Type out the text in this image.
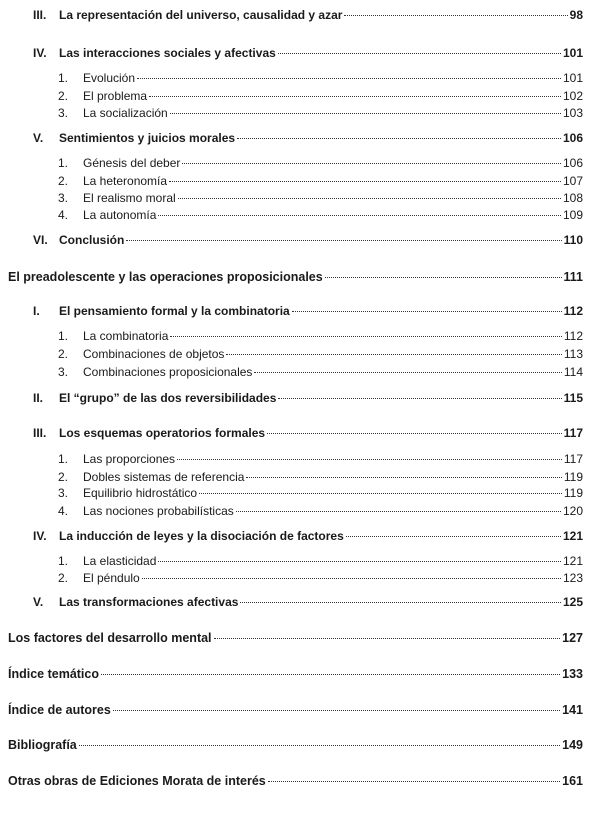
III.	La representación del universo, causalidad y azar	98
IV.	Las interacciones sociales y afectivas	101
1.	Evolución	101
2.	El problema	102
3.	La socialización	103
V.	Sentimientos y juicios morales	106
1.	Génesis del deber	106
2.	La heteronomía	107
3.	El realismo moral	108
4.	La autonomía	109
VI. Conclusión	110
El preadolescente y las operaciones proposicionales	111
I.	El pensamiento formal y la combinatoria	112
1.	La combinatoria	112
2.	Combinaciones de objetos	113
3.	Combinaciones proposicionales	114
II.	El “grupo” de las dos reversibilidades	115
III.	Los esquemas operatorios formales	117
1.	Las proporciones	117
2.	Dobles sistemas de referencia	119
3.	Equilibrio hidrostático	119
4.	Las nociones probabilísticas	120
IV.	La inducción de leyes y la disociación de factores	121
1.	La elasticidad	121
2.	El péndulo	123
V.	Las transformaciones afectivas	125
Los factores del desarrollo mental	127
Índice temático	133
Índice de autores	141
Bibliografía	149
Otras obras de Ediciones Morata de interés	161
